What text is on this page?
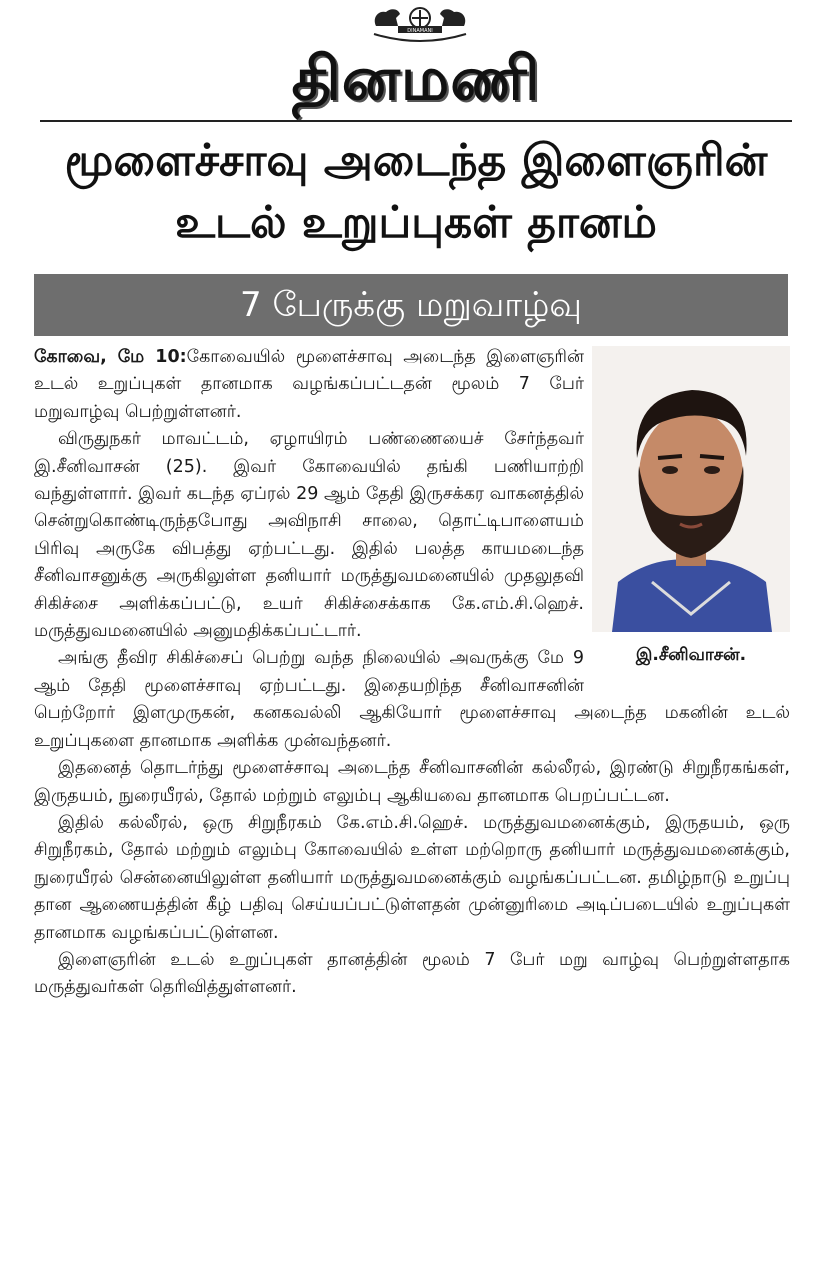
DINAMANI
தினமணி
மூளைச்சாவு அடைந்த இளைஞரின்
உடல் உறுப்புகள் தானம்
7 பேருக்கு மறுவாழ்வு

கோவை, மே 10:கோவையில் மூளைச்சாவு அடைந்த இளைஞரின் உடல் உறுப்புகள் தானமாக வழங்கப்பட்டதன் மூலம் 7 பேர் மறுவாழ்வு பெற்றுள்ளனர்.

விருதுநகர் மாவட்டம், ஏழாயிரம் பண்ணையைச் சேர்ந்தவர் இ.சீனிவாசன் (25). இவர் கோவையில் தங்கி பணியாற்றி வந்துள்ளார். இவர் கடந்த ஏப்ரல் 29 ஆம் தேதி இருசக்கர வாகனத்தில் சென்றுகொண்டிருந்தபோது அவிநாசி சாலை, தொட்டிபாளையம் பிரிவு அருகே விபத்து ஏற்பட்டது. இதில் பலத்த காயமடைந்த சீனிவாசனுக்கு அருகிலுள்ள தனியார் மருத்துவமனையில் முதலுதவி சிகிச்சை அளிக்கப்பட்டு, உயர் சிகிச்சைக்காக கே.எம்.சி.ஹெச். மருத்துவமனையில் அனுமதிக்கப்பட்டார்.

அங்கு தீவிர சிகிச்சைப் பெற்று வந்த நிலையில் அவருக்கு மே 9 ஆம் தேதி மூளைச்சாவு ஏற்பட்டது. இதையறிந்த சீனிவாசனின் பெற்றோர் இளமுருகன், கனகவல்லி ஆகியோர் மூளைச்சாவு அடைந்த மகனின் உடல் உறுப்புகளை தானமாக அளிக்க முன்வந்தனர்.

இதனைத் தொடர்ந்து மூளைச்சாவு அடைந்த சீனிவாசனின் கல்லீரல், இரண்டு சிறுநீரகங்கள், இருதயம், நுரையீரல், தோல் மற்றும் எலும்பு ஆகியவை தானமாக பெறப்பட்டன.

இதில் கல்லீரல், ஒரு சிறுநீரகம் கே.எம்.சி.ஹெச். மருத்துவமனைக்கும், இருதயம், ஒரு சிறுநீரகம், தோல் மற்றும் எலும்பு கோவையில் உள்ள மற்றொரு தனியார் மருத்துவமனைக்கும், நுரையீரல் சென்னையிலுள்ள தனியார் மருத்துவமனைக்கும் வழங்கப்பட்டன. தமிழ்நாடு உறுப்பு தான ஆணையத்தின் கீழ் பதிவு செய்யப்பட்டுள்ளதன் முன்னுரிமை அடிப்படையில் உறுப்புகள் தானமாக வழங்கப்பட்டுள்ளன.

இளைஞரின் உடல் உறுப்புகள் தானத்தின் மூலம் 7 பேர் மறு வாழ்வு பெற்றுள்ளதாக மருத்துவர்கள் தெரிவித்துள்ளனர்.

இ.சீனிவாசன்.
